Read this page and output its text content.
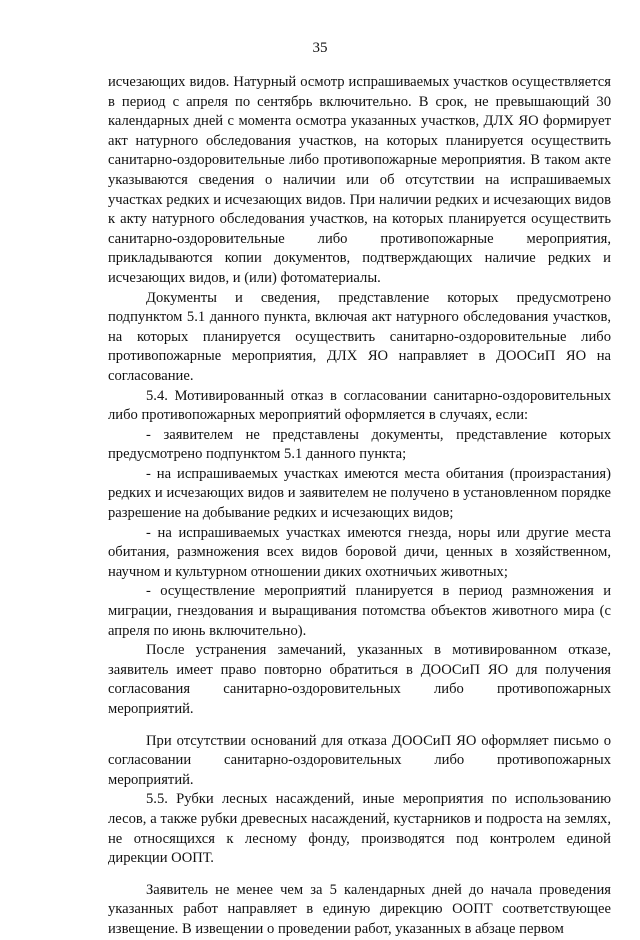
35

исчезающих видов. Натурный осмотр испрашиваемых участков осуществляется в период с апреля по сентябрь включительно. В срок, не превышающий 30 календарных дней с момента осмотра указанных участков, ДЛХ ЯО формирует акт натурного обследования участков, на которых планируется осуществить санитарно-оздоровительные либо противопожарные мероприятия. В таком акте указываются сведения о наличии или об отсутствии на испрашиваемых участках редких и исчезающих видов. При наличии редких и исчезающих видов к акту натурного обследования участков, на которых планируется осуществить санитарно-оздоровительные либо противопожарные мероприятия, прикладываются копии документов, подтверждающих наличие редких и исчезающих видов, и (или) фотоматериалы.

Документы и сведения, представление которых предусмотрено подпунктом 5.1 данного пункта, включая акт натурного обследования участков, на которых планируется осуществить санитарно-оздоровительные либо противопожарные мероприятия, ДЛХ ЯО направляет в ДООСиП ЯО на согласование.

5.4. Мотивированный отказ в согласовании санитарно-оздоровительных либо противопожарных мероприятий оформляется в случаях, если:

- заявителем не представлены документы, представление которых предусмотрено подпунктом 5.1 данного пункта;

- на испрашиваемых участках имеются места обитания (произрастания) редких и исчезающих видов и заявителем не получено в установленном порядке разрешение на добывание редких и исчезающих видов;

- на испрашиваемых участках имеются гнезда, норы или другие места обитания, размножения всех видов боровой дичи, ценных в хозяйственном, научном и культурном отношении диких охотничьих животных;

- осуществление мероприятий планируется в период размножения и миграции, гнездования и выращивания потомства объектов животного мира (с апреля по июнь включительно).

После устранения замечаний, указанных в мотивированном отказе, заявитель имеет право повторно обратиться в ДООСиП ЯО для получения согласования санитарно-оздоровительных либо противопожарных мероприятий.

При отсутствии оснований для отказа ДООСиП ЯО оформляет письмо о согласовании санитарно-оздоровительных либо противопожарных мероприятий.

5.5. Рубки лесных насаждений, иные мероприятия по использованию лесов, а также рубки древесных насаждений, кустарников и подроста на землях, не относящихся к лесному фонду, производятся под контролем единой дирекции ООПТ.

Заявитель не менее чем за 5 календарных дней до начала проведения указанных работ направляет в единую дирекцию ООПТ соответствующее извещение. В извещении о проведении работ, указанных в абзаце первом
